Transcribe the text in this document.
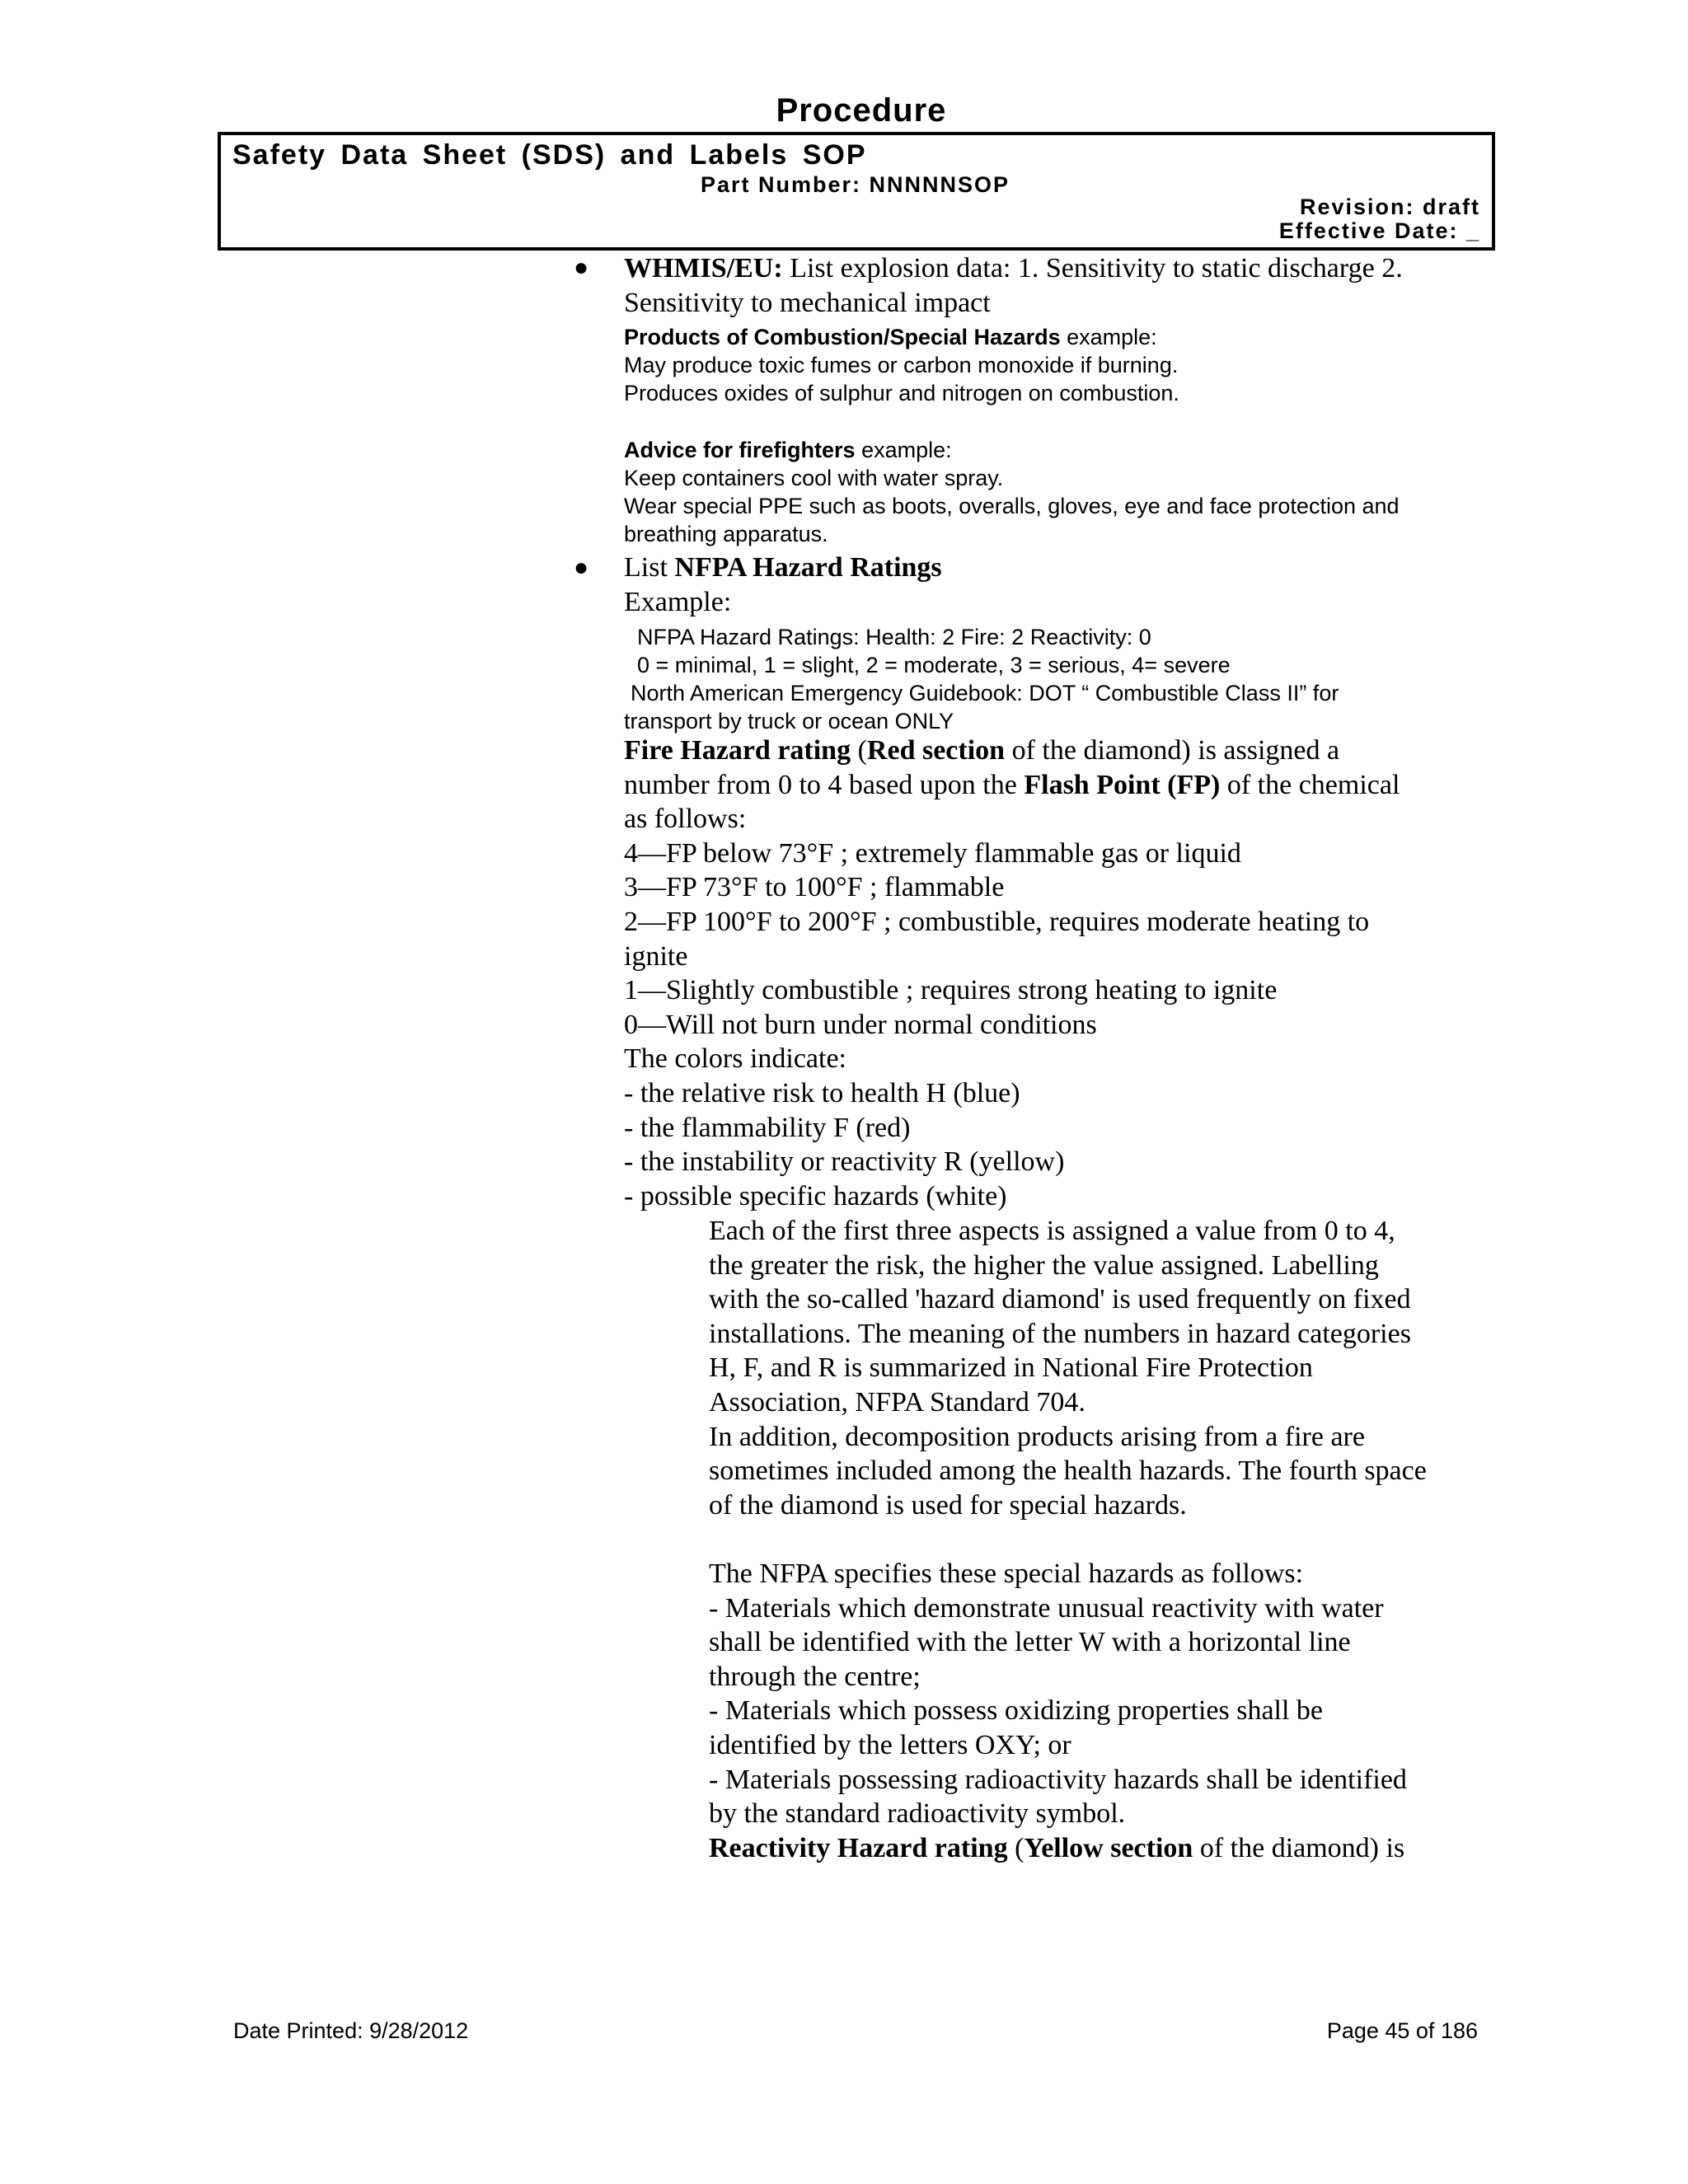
Procedure
Safety Data Sheet (SDS) and Labels SOP
Part Number: NNNNNSOP
Revision: draft
Effective Date: _
● WHMIS/EU: List explosion data: 1. Sensitivity to static discharge 2.
Sensitivity to mechanical impact
Products of Combustion/Special Hazards example:
May produce toxic fumes or carbon monoxide if burning.
Produces oxides of sulphur and nitrogen on combustion.
Advice for firefighters example:
Keep containers cool with water spray.
Wear special PPE such as boots, overalls, gloves, eye and face protection and
breathing apparatus.
● List NFPA Hazard Ratings
Example:
NFPA Hazard Ratings: Health: 2 Fire: 2 Reactivity: 0
0 = minimal, 1 = slight, 2 = moderate, 3 = serious, 4= severe
North American Emergency Guidebook: DOT “ Combustible Class II” for
transport by truck or ocean ONLY
Fire Hazard rating (Red section of the diamond) is assigned a
number from 0 to 4 based upon the Flash Point (FP) of the chemical
as follows:
4—FP below 73°F ; extremely flammable gas or liquid
3—FP 73°F to 100°F ; flammable
2—FP 100°F to 200°F ; combustible, requires moderate heating to
ignite
1—Slightly combustible ; requires strong heating to ignite
0—Will not burn under normal conditions
The colors indicate:
- the relative risk to health H (blue)
- the flammability F (red)
- the instability or reactivity R (yellow)
- possible specific hazards (white)
Each of the first three aspects is assigned a value from 0 to 4,
the greater the risk, the higher the value assigned. Labelling
with the so-called 'hazard diamond' is used frequently on fixed
installations. The meaning of the numbers in hazard categories
H, F, and R is summarized in National Fire Protection
Association, NFPA Standard 704.
In addition, decomposition products arising from a fire are
sometimes included among the health hazards. The fourth space
of the diamond is used for special hazards.
The NFPA specifies these special hazards as follows:
- Materials which demonstrate unusual reactivity with water
shall be identified with the letter W with a horizontal line
through the centre;
- Materials which possess oxidizing properties shall be
identified by the letters OXY; or
- Materials possessing radioactivity hazards shall be identified
by the standard radioactivity symbol.
Reactivity Hazard rating (Yellow section of the diamond) is
Date Printed: 9/28/2012	Page 45 of 186
